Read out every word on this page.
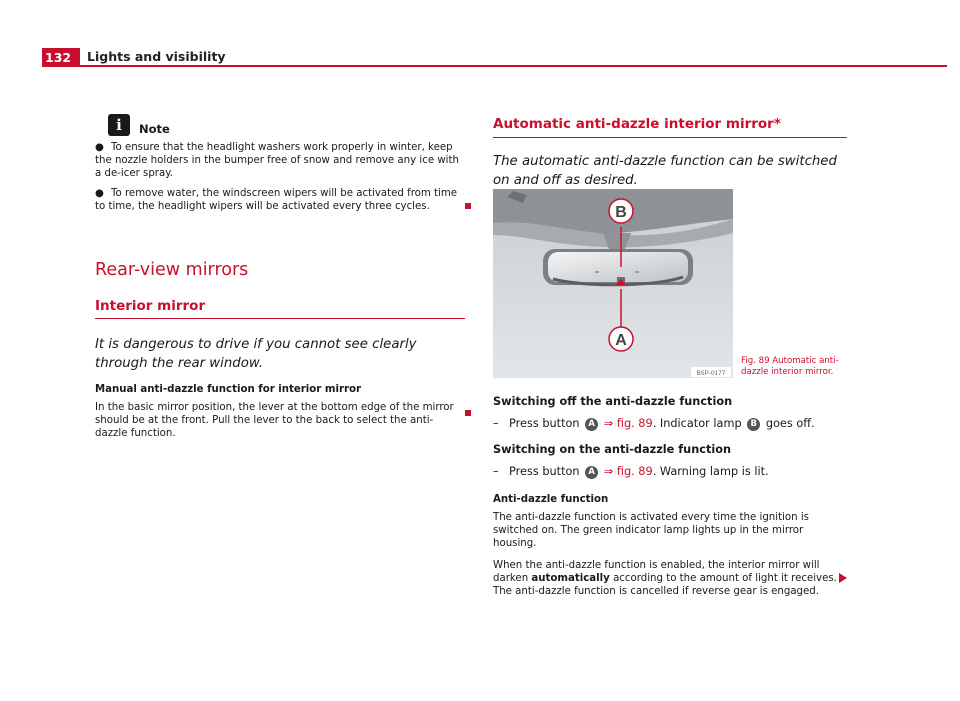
132	Lights and visibility
i	Note
● To ensure that the headlight washers work properly in winter, keep the nozzle holders in the bumper free of snow and remove any ice with a de-icer spray.
● To remove water, the windscreen wipers will be activated from time to time, the headlight wipers will be activated every three cycles.
Rear-view mirrors
Interior mirror
It is dangerous to drive if you cannot see clearly through the rear window.
Manual anti-dazzle function for interior mirror
In the basic mirror position, the lever at the bottom edge of the mirror should be at the front. Pull the lever to the back to select the anti-dazzle function.
Automatic anti-dazzle interior mirror*
The automatic anti-dazzle function can be switched on and off as desired.
B
A
B5P-0177
Fig. 89 Automatic anti-dazzle interior mirror.
Switching off the anti-dazzle function
– Press button A ⇒ fig. 89. Indicator lamp B goes off.
Switching on the anti-dazzle function
– Press button A ⇒ fig. 89. Warning lamp is lit.
Anti-dazzle function
The anti-dazzle function is activated every time the ignition is switched on. The green indicator lamp lights up in the mirror housing.
When the anti-dazzle function is enabled, the interior mirror will darken automatically according to the amount of light it receives. The anti-dazzle function is cancelled if reverse gear is engaged.
